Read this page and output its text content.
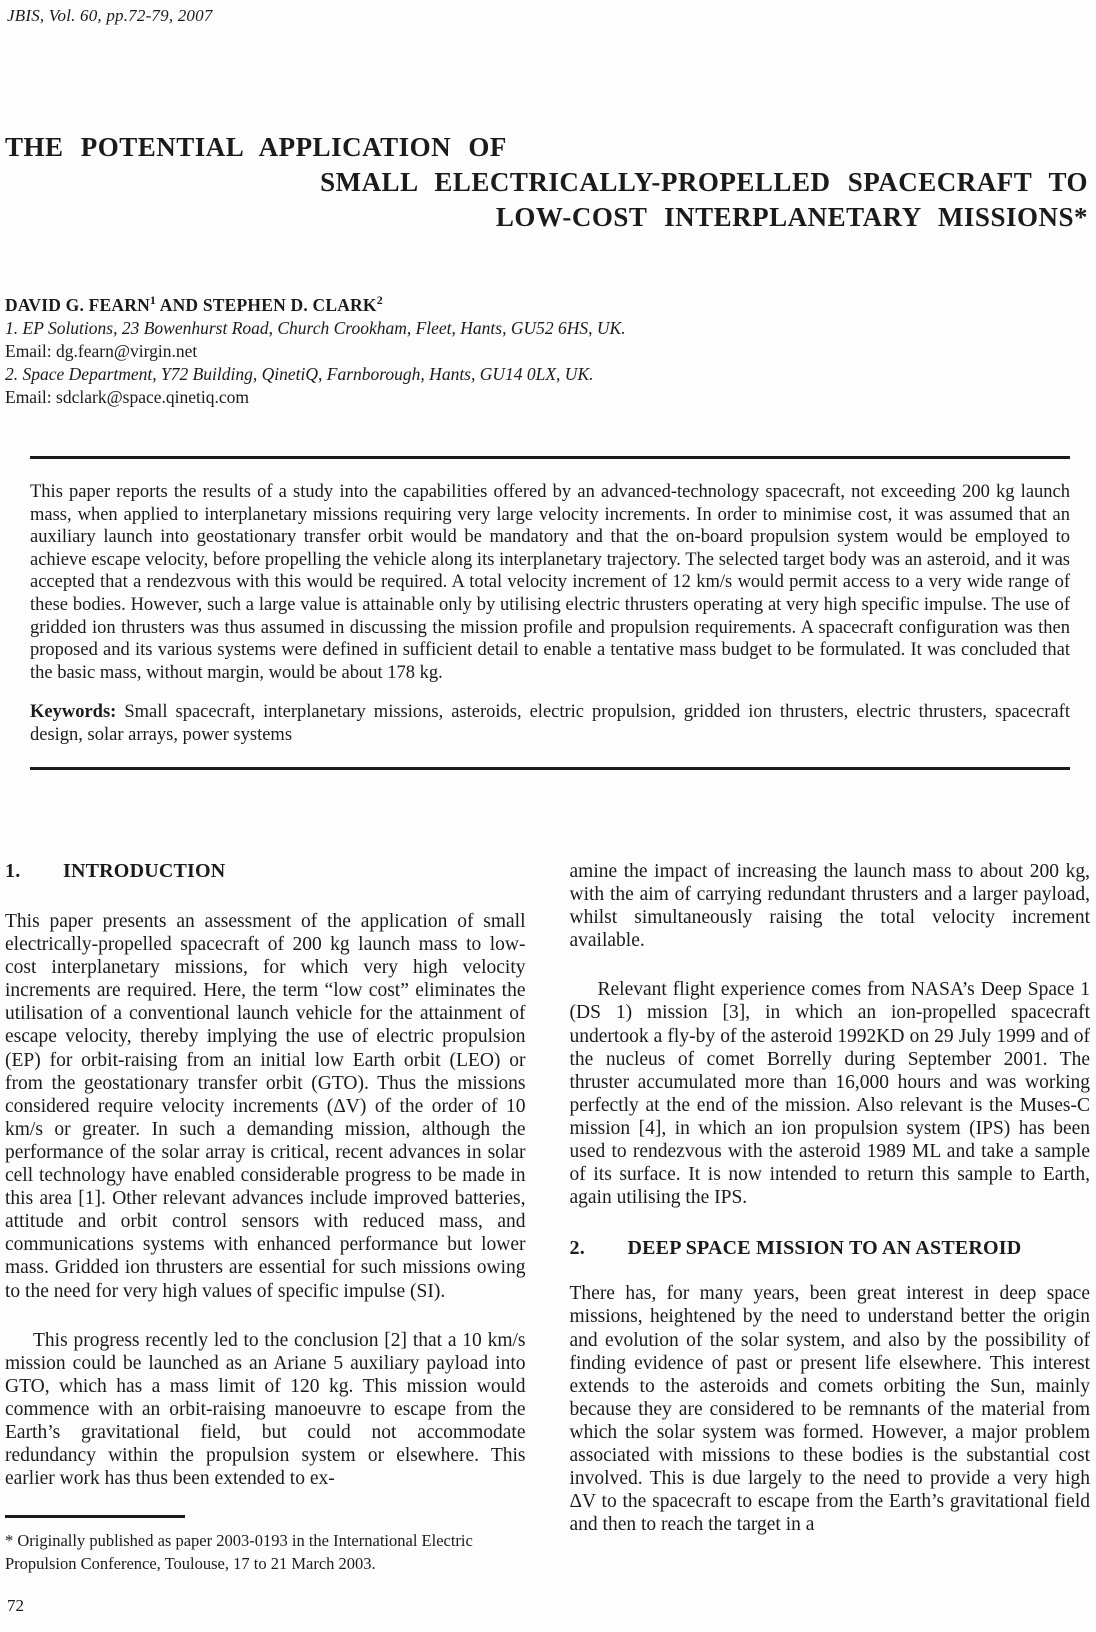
JBIS, Vol. 60, pp.72-79, 2007
THE POTENTIAL APPLICATION OF
SMALL ELECTRICALLY-PROPELLED SPACECRAFT TO
LOW-COST INTERPLANETARY MISSIONS*
DAVID G. FEARN$^1$ AND STEPHEN D. CLARK$^2$
1. EP Solutions, 23 Bowenhurst Road, Church Crookham, Fleet, Hants, GU52 6HS, UK.
Email: dg.fearn@virgin.net
2. Space Department, Y72 Building, QinetiQ, Farnborough, Hants, GU14 0LX, UK.
Email: sdclark@space.qinetiq.com

This paper reports the results of a study into the capabilities offered by an advanced-technology spacecraft, not exceeding 200 kg launch mass, when applied to interplanetary missions requiring very large velocity increments. In order to minimise cost, it was assumed that an auxiliary launch into geostationary transfer orbit would be mandatory and that the on-board propulsion system would be employed to achieve escape velocity, before propelling the vehicle along its interplanetary trajectory. The selected target body was an asteroid, and it was accepted that a rendezvous with this would be required. A total velocity increment of 12 km/s would permit access to a very wide range of these bodies. However, such a large value is attainable only by utilising electric thrusters operating at very high specific impulse. The use of gridded ion thrusters was thus assumed in discussing the mission profile and propulsion requirements. A spacecraft configuration was then proposed and its various systems were defined in sufficient detail to enable a tentative mass budget to be formulated. It was concluded that the basic mass, without margin, would be about 178 kg.

Keywords: Small spacecraft, interplanetary missions, asteroids, electric propulsion, gridded ion thrusters, electric thrusters, spacecraft design, solar arrays, power systems

1. INTRODUCTION

This paper presents an assessment of the application of small electrically-propelled spacecraft of 200 kg launch mass to low-cost interplanetary missions, for which very high velocity increments are required. Here, the term “low cost” eliminates the utilisation of a conventional launch vehicle for the attainment of escape velocity, thereby implying the use of electric propulsion (EP) for orbit-raising from an initial low Earth orbit (LEO) or from the geostationary transfer orbit (GTO). Thus the missions considered require velocity increments (ΔV) of the order of 10 km/s or greater. In such a demanding mission, although the performance of the solar array is critical, recent advances in solar cell technology have enabled considerable progress to be made in this area [1]. Other relevant advances include improved batteries, attitude and orbit control sensors with reduced mass, and communications systems with enhanced performance but lower mass. Gridded ion thrusters are essential for such missions owing to the need for very high values of specific impulse (SI).

This progress recently led to the conclusion [2] that a 10 km/s mission could be launched as an Ariane 5 auxiliary payload into GTO, which has a mass limit of 120 kg. This mission would commence with an orbit-raising manoeuvre to escape from the Earth’s gravitational field, but could not accommodate redundancy within the propulsion system or elsewhere. This earlier work has thus been extended to ex-

amine the impact of increasing the launch mass to about 200 kg, with the aim of carrying redundant thrusters and a larger payload, whilst simultaneously raising the total velocity increment available.

Relevant flight experience comes from NASA’s Deep Space 1 (DS 1) mission [3], in which an ion-propelled spacecraft undertook a fly-by of the asteroid 1992KD on 29 July 1999 and of the nucleus of comet Borrelly during September 2001. The thruster accumulated more than 16,000 hours and was working perfectly at the end of the mission. Also relevant is the Muses-C mission [4], in which an ion propulsion system (IPS) has been used to rendezvous with the asteroid 1989 ML and take a sample of its surface. It is now intended to return this sample to Earth, again utilising the IPS.

2. DEEP SPACE MISSION TO AN ASTEROID

There has, for many years, been great interest in deep space missions, heightened by the need to understand better the origin and evolution of the solar system, and also by the possibility of finding evidence of past or present life elsewhere. This interest extends to the asteroids and comets orbiting the Sun, mainly because they are considered to be remnants of the material from which the solar system was formed. However, a major problem associated with missions to these bodies is the substantial cost involved. This is due largely to the need to provide a very high ΔV to the spacecraft to escape from the Earth’s gravitational field and then to reach the target in a

* Originally published as paper 2003-0193 in the International Electric Propulsion Conference, Toulouse, 17 to 21 March 2003.

72
